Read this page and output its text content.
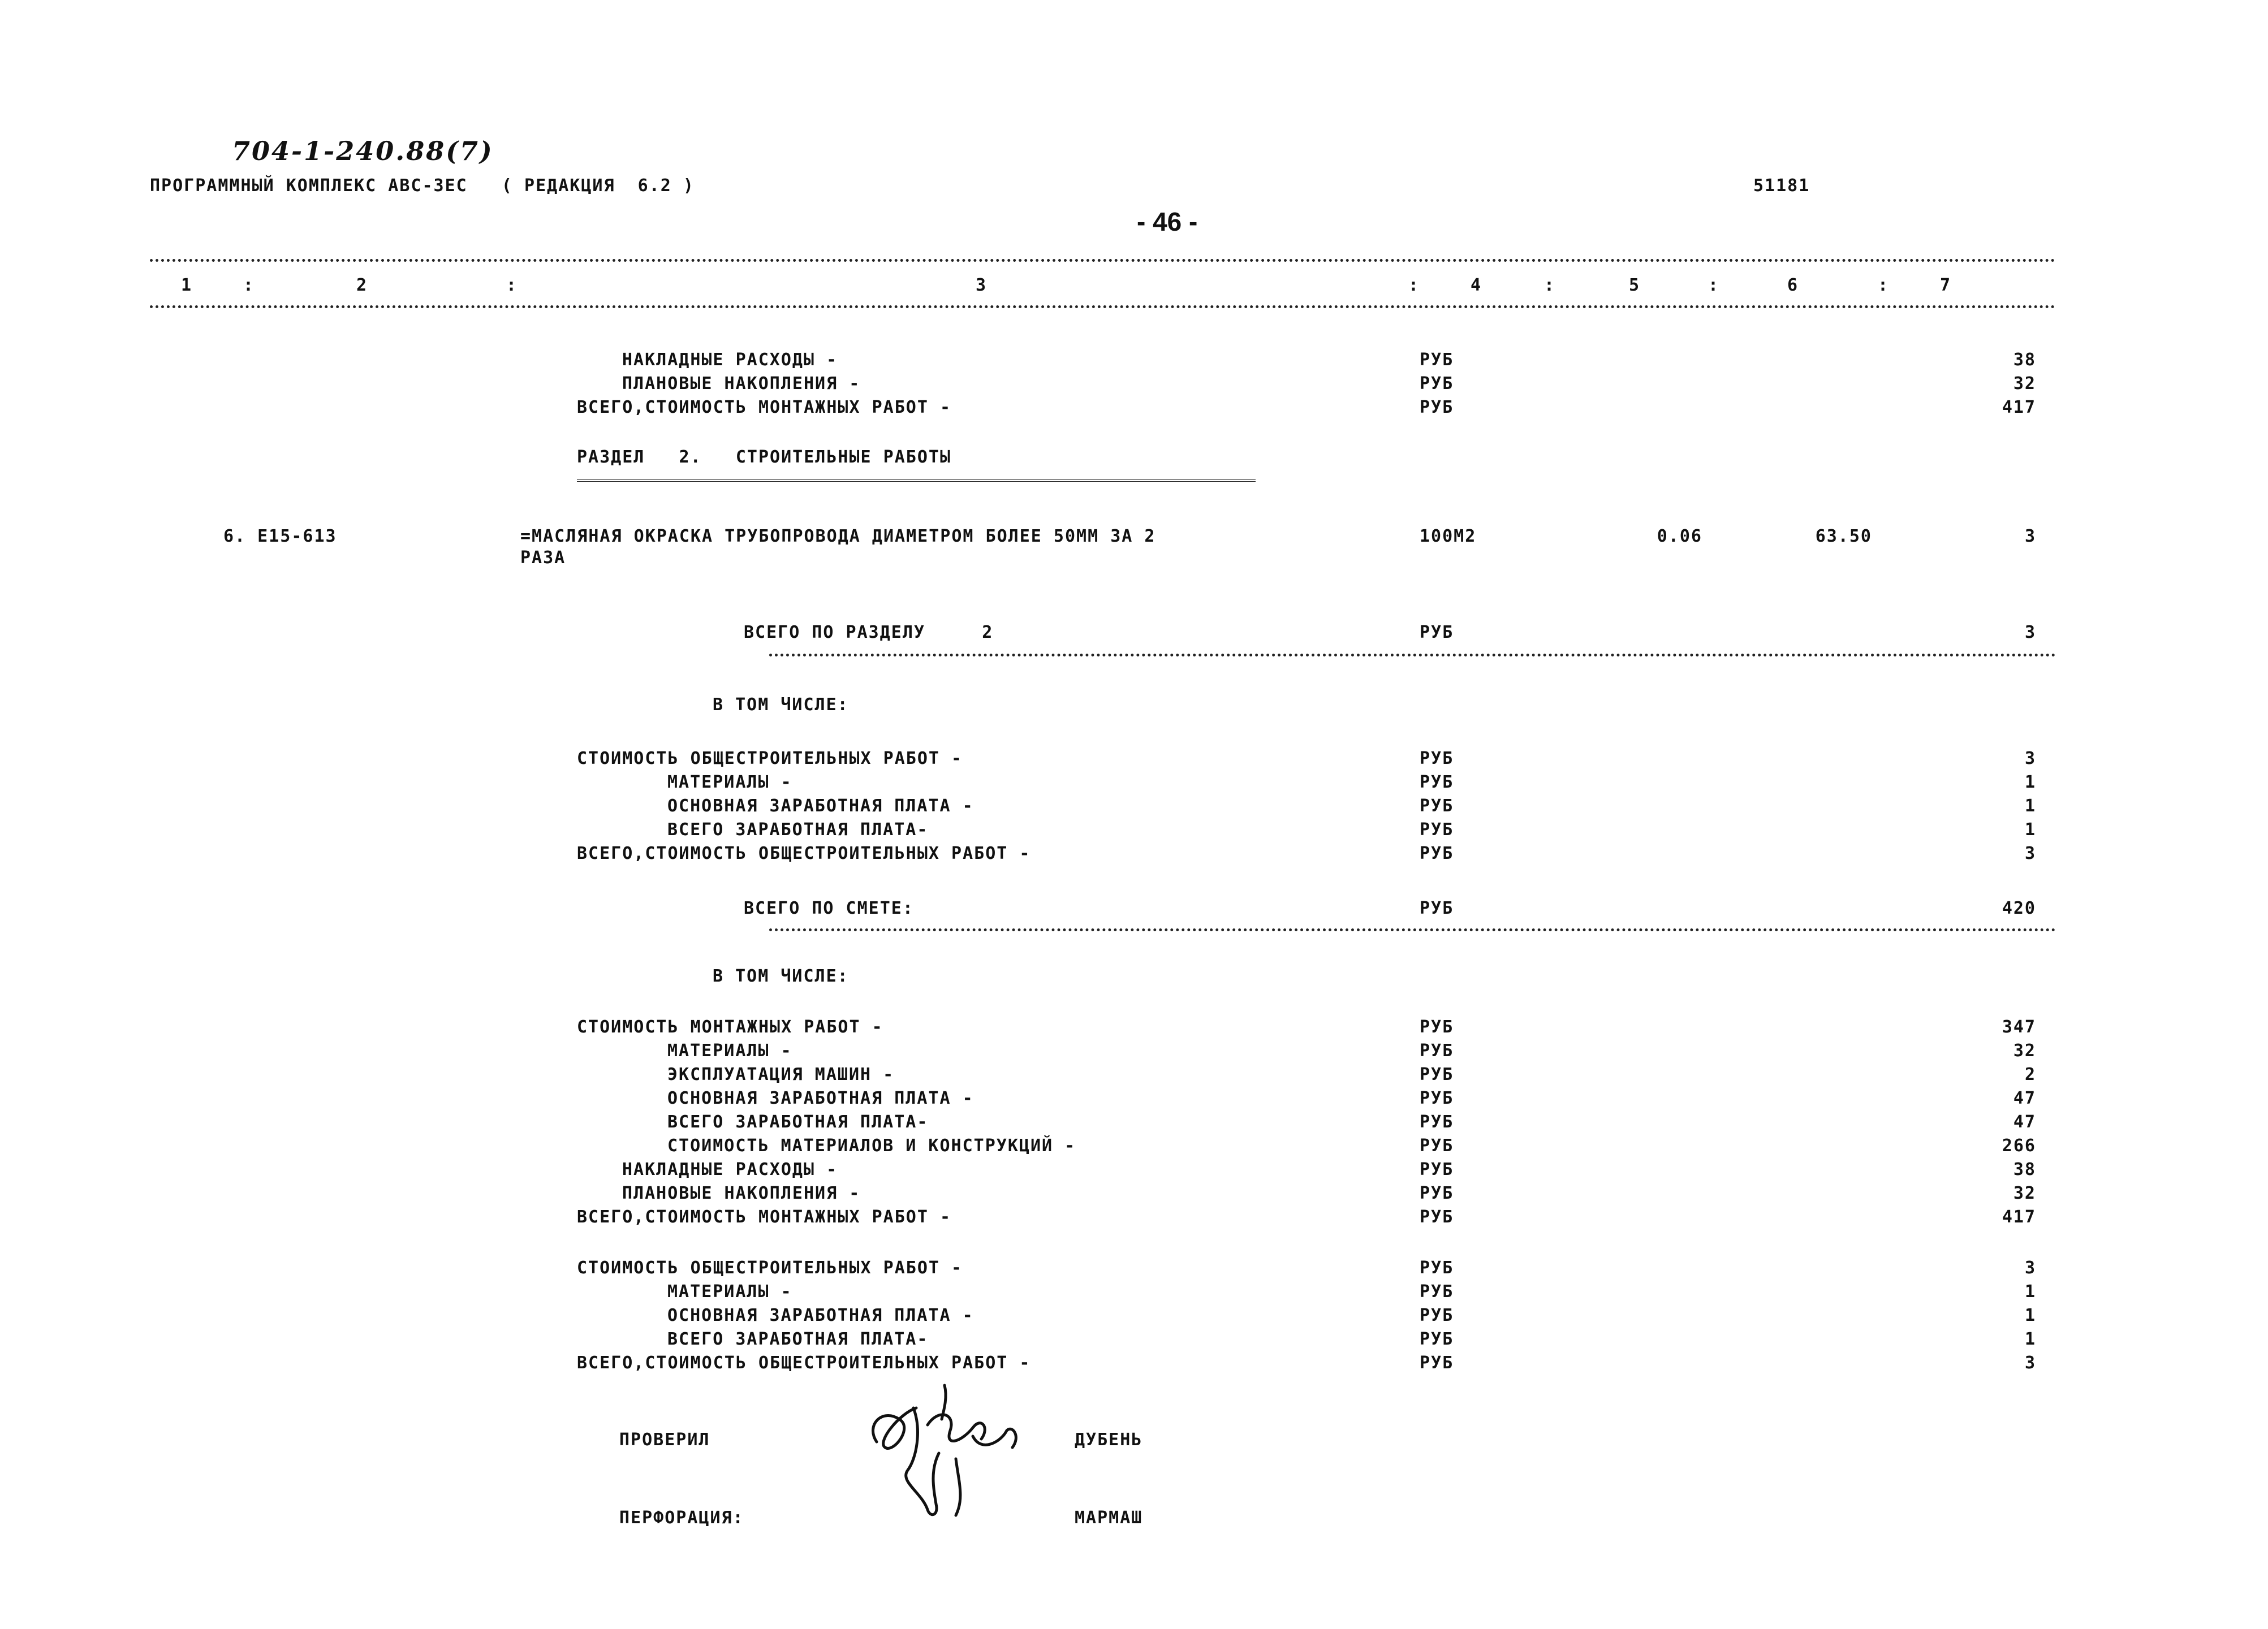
704-1-240.88(7)
ПРОГРАММНЫЙ КОМПЛЕКС АВС-3ЕС   ( РЕДАКЦИЯ  6.2 )	51181
- 46 -
1	:	2	:	3	:	4	:	5	:	6	:	7
НАКЛАДНЫЕ РАСХОДЫ -	РУБ	38
ПЛАНОВЫЕ НАКОПЛЕНИЯ -	РУБ	32
ВСЕГО,СТОИМОСТЬ МОНТАЖНЫХ РАБОТ -	РУБ	417
РАЗДЕЛ   2.   СТРОИТЕЛЬНЫЕ РАБОТЫ
6. Е15-613	=МАСЛЯНАЯ ОКРАСКА ТРУБОПРОВОДА ДИАМЕТРОМ БОЛЕЕ 50ММ ЗА 2
РАЗА
100М2	0.06	63.50	3
ВСЕГО ПО РАЗДЕЛУ     2	РУБ	3
В ТОМ ЧИСЛЕ:
СТОИМОСТЬ ОБЩЕСТРОИТЕЛЬНЫХ РАБОТ -	РУБ	3
МАТЕРИАЛЫ -	РУБ	1
ОСНОВНАЯ ЗАРАБОТНАЯ ПЛАТА -	РУБ	1
ВСЕГО ЗАРАБОТНАЯ ПЛАТА-	РУБ	1
ВСЕГО,СТОИМОСТЬ ОБЩЕСТРОИТЕЛЬНЫХ РАБОТ -	РУБ	3
ВСЕГО ПО СМЕТЕ:	РУБ	420
В ТОМ ЧИСЛЕ:
СТОИМОСТЬ МОНТАЖНЫХ РАБОТ -	РУБ	347
МАТЕРИАЛЫ -	РУБ	32
ЭКСПЛУАТАЦИЯ МАШИН -	РУБ	2
ОСНОВНАЯ ЗАРАБОТНАЯ ПЛАТА -	РУБ	47
ВСЕГО ЗАРАБОТНАЯ ПЛАТА-	РУБ	47
СТОИМОСТЬ МАТЕРИАЛОВ И КОНСТРУКЦИЙ -	РУБ	266
НАКЛАДНЫЕ РАСХОДЫ -	РУБ	38
ПЛАНОВЫЕ НАКОПЛЕНИЯ -	РУБ	32
ВСЕГО,СТОИМОСТЬ МОНТАЖНЫХ РАБОТ -	РУБ	417
СТОИМОСТЬ ОБЩЕСТРОИТЕЛЬНЫХ РАБОТ -	РУБ	3
МАТЕРИАЛЫ -	РУБ	1
ОСНОВНАЯ ЗАРАБОТНАЯ ПЛАТА -	РУБ	1
ВСЕГО ЗАРАБОТНАЯ ПЛАТА-	РУБ	1
ВСЕГО,СТОИМОСТЬ ОБЩЕСТРОИТЕЛЬНЫХ РАБОТ -	РУБ	3
ПРОВЕРИЛ	ДУБЕНЬ
ПЕРФОРАЦИЯ:	МАРМАШ
